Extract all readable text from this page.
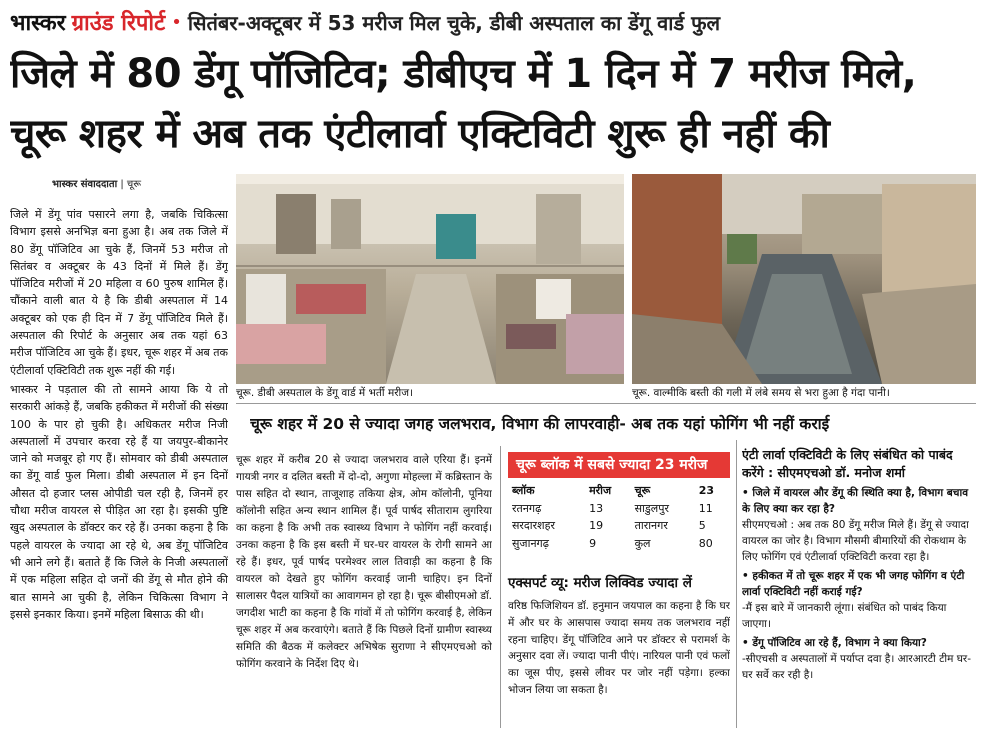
भास्कर ग्राउंड रिपोर्ट • सितंबर-अक्टूबर में 53 मरीज मिल चुके, डीबी अस्पताल का डेंगू वार्ड फुल
जिले में 80 डेंगू पॉजिटिव; डीबीएच में 1 दिन में 7 मरीज मिले,
चूरू शहर में अब तक एंटीलार्वा एक्टिविटी शुरू ही नहीं की
भास्कर संवाददाता | चूरू

जिले में डेंगू पांव पसारने लगा है, जबकि चिकित्सा विभाग इससे अनभिज्ञ बना हुआ है। अब तक जिले में 80 डेंगू पॉजिटिव आ चुके हैं, जिनमें 53 मरीज तो सितंबर व अक्टूबर के 43 दिनों में मिले हैं। डेंगू पॉजिटिव मरीजों में 20 महिला व 60 पुरुष शामिल हैं। चौंकाने वाली बात ये है कि डीबी अस्पताल में 14 अक्टूबर को एक ही दिन में 7 डेंगू पॉजिटिव मिले हैं। अस्पताल की रिपोर्ट के अनुसार अब तक यहां 63 मरीज पॉजिटिव आ चुके हैं। इधर, चूरू शहर में अब तक एंटीलार्वा एक्टिविटी तक शुरू नहीं की गई।

भास्कर ने पड़ताल की तो सामने आया कि ये तो सरकारी आंकड़े हैं, जबकि हकीकत में मरीजों की संख्या 100 के पार हो चुकी है। अधिकतर मरीज निजी अस्पतालों में उपचार करवा रहे हैं या जयपुर-बीकानेर जाने को मजबूर हो गए हैं। सोमवार को डीबी अस्पताल का डेंगू वार्ड फुल मिला। डीबी अस्पताल में इन दिनों औसत दो हजार प्लस ओपीडी चल रही है, जिनमें हर चौथा मरीज वायरल से पीड़ित आ रहा है। इसकी पुष्टि खुद अस्पताल के डॉक्टर कर रहे हैं। उनका कहना है कि पहले वायरल के ज्यादा आ रहे थे, अब डेंगू पॉजिटिव भी आने लगे हैं। बताते हैं कि जिले के निजी अस्पतालों में एक महिला सहित दो जनों की डेंगू से मौत होने की बात सामने आ चुकी है, लेकिन चिकित्सा विभाग ने इससे इनकार किया। इनमें महिला बिसाऊ की थी।

चूरू. डीबी अस्पताल के डेंगू वार्ड में भर्ती मरीज।	चूरू. वाल्मीकि बस्ती की गली में लंबे समय से भरा हुआ है गंदा पानी।
चूरू शहर में 20 से ज्यादा जगह जलभराव, विभाग की लापरवाही- अब तक यहां फोगिंग भी नहीं कराई
चूरू शहर में करीब 20 से ज्यादा जलभराव वाले एरिया हैं। इनमें गायत्री नगर व दलित बस्ती में दो-दो, अगुणा मोहल्ला में कब्रिस्तान के पास सहित दो स्थान, ताजूशाह तकिया क्षेत्र, ओम कॉलोनी, पूनिया कॉलोनी सहित अन्य स्थान शामिल हैं। पूर्व पार्षद सीताराम लुगरिया का कहना है कि अभी तक स्वास्थ्य विभाग ने फोगिंग नहीं करवाई। उनका कहना है कि इस बस्ती में घर-घर वायरल के रोगी सामने आ रहे हैं। इधर, पूर्व पार्षद परमेश्वर लाल तिवाड़ी का कहना है कि वायरल को देखते हुए फोगिंग करवाई जानी चाहिए। इन दिनों सालासर पैदल यात्रियों का आवागमन हो रहा है। चूरू बीसीएमओ डॉ. जगदीश भाटी का कहना है कि गांवों में तो फोगिंग करवाई है, लेकिन चूरू शहर में अब करवाएंगे। बताते हैं कि पिछले दिनों ग्रामीण स्वास्थ्य समिति की बैठक में कलेक्टर अभिषेक सुराणा ने सीएमएचओ को फोगिंग करवाने के निर्देश दिए थे।
चूरू ब्लॉक में सबसे ज्यादा 23 मरीज
ब्लॉक	मरीज	चूरू	23
रतनगढ़	13	साडुलपुर	11
सरदारशहर	19	तारानगर	5
सुजानगढ़	9	कुल	80
एक्सपर्ट व्यू: मरीज लिक्विड ज्यादा लें
वरिष्ठ फिजिशियन डॉ. हनुमान जयपाल का कहना है कि घर में और घर के आसपास ज्यादा समय तक जलभराव नहीं रहना चाहिए। डेंगू पॉजिटिव आने पर डॉक्टर से परामर्श के अनुसार दवा लें। ज्यादा पानी पीएं। नारियल पानी एवं फलों का जूस पीए, इससे लीवर पर जोर नहीं पड़ेगा। हल्का भोजन लिया जा सकता है।
एंटी लार्वा एक्टिविटी के लिए संबंधित को पाबंद करेंगे : सीएमएचओ डॉ. मनोज शर्मा
• जिले में वायरल और डेंगू की स्थिति क्या है, विभाग बचाव के लिए क्या कर रहा है?
सीएमएचओ : अब तक 80 डेंगू मरीज मिले हैं। डेंगू से ज्यादा वायरल का जोर है। विभाग मौसमी बीमारियों की रोकथाम के लिए फोगिंग एवं एंटीलार्वा एक्टिविटी करवा रहा है।
• हकीकत में तो चूरू शहर में एक भी जगह फोगिंग व एंटी लार्वा एक्टिविटी नहीं कराई गई?
-मैं इस बारे में जानकारी लूंगा। संबंधित को पाबंद किया जाएगा।
• डेंगू पॉजिटिव आ रहे हैं, विभाग ने क्या किया?
-सीएचसी व अस्पतालों में पर्याप्त दवा है। आरआरटी टीम घर-घर सर्वे कर रही है।
